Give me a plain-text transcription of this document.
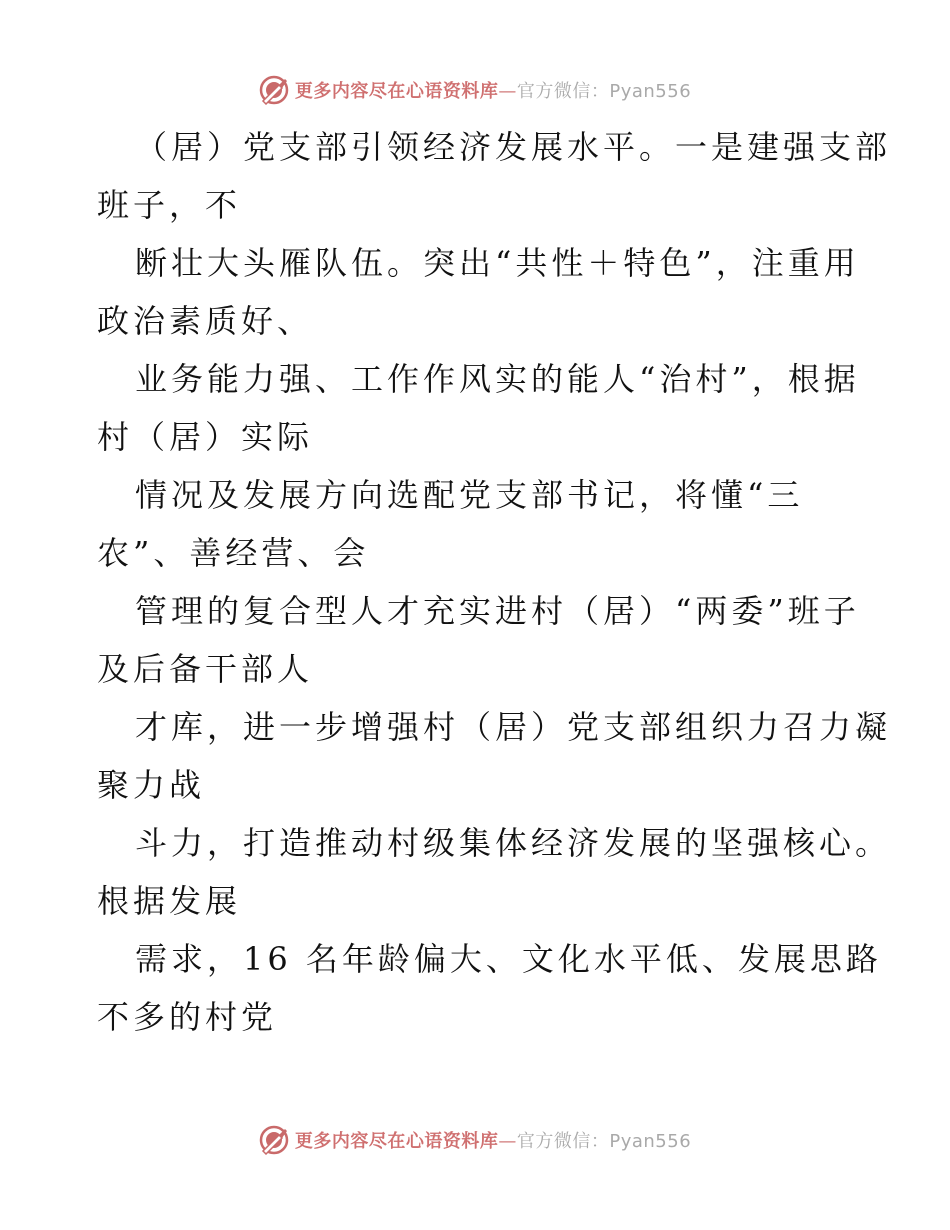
更多内容尽在心语资料库—官方微信：Pyan556

（居）党支部引领经济发展水平。一是建强支部
班子，不

断壮大头雁队伍。突出“共性＋特色”，注重用
政治素质好、

业务能力强、工作作风实的能人“治村”，根据
村（居）实际

情况及发展方向选配党支部书记，将懂“三
农”、善经营、会

管理的复合型人才充实进村（居）“两委”班子
及后备干部人

才库，进一步增强村（居）党支部组织力召力凝
聚力战

斗力，打造推动村级集体经济发展的坚强核心。
根据发展

需求，16 名年龄偏大、文化水平低、发展思路
不多的村党

更多内容尽在心语资料库—官方微信：Pyan556
